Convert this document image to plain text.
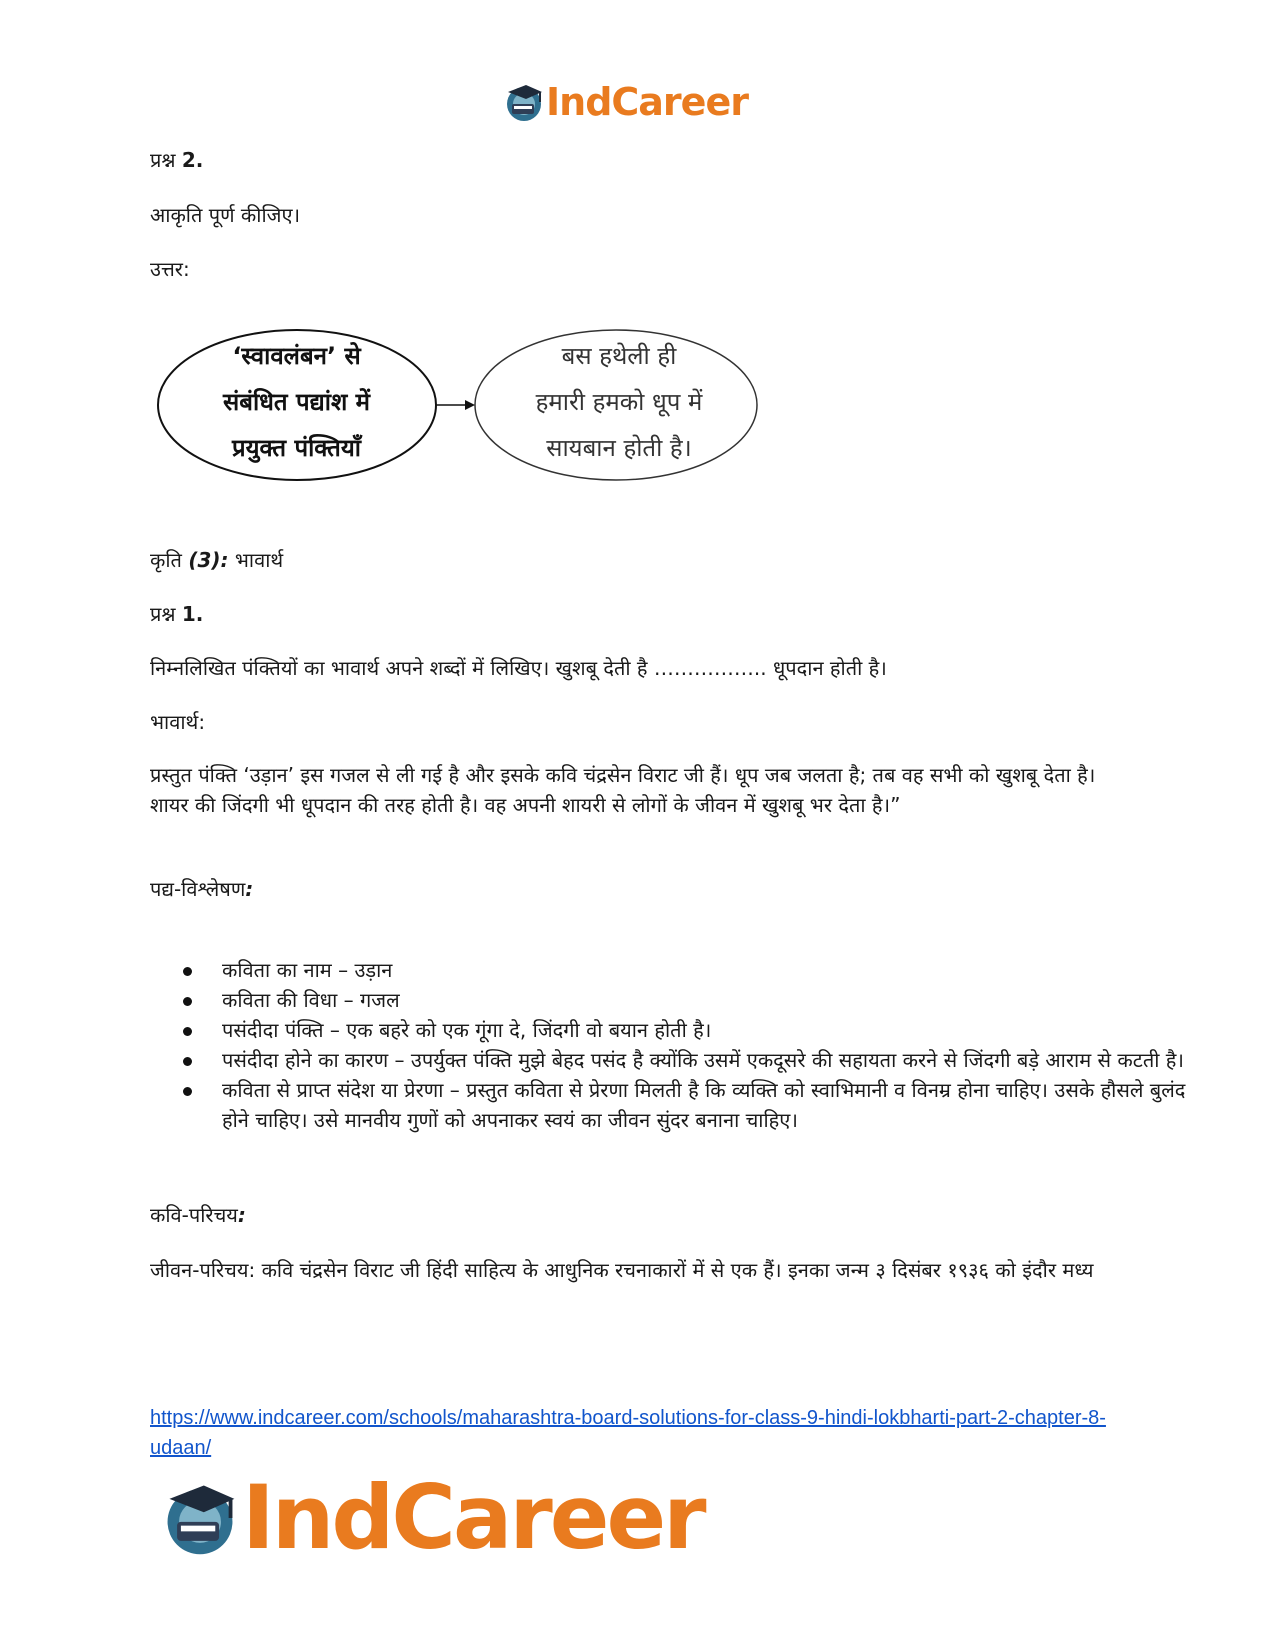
IndCareer

प्रश्न 2.

आकृति पूर्ण कीजिए।

उत्तर:

‘स्वावलंबन’ से
संबंधित पद्यांश में
प्रयुक्त पंक्तियाँ
बस हथेली ही
हमारी हमको धूप में
सायबान होती है।

कृति (3): भावार्थ

प्रश्न 1.

निम्नलिखित पंक्तियों का भावार्थ अपने शब्दों में लिखिए। खुशबू देती है …………….. धूपदान होती है।

भावार्थ:

प्रस्तुत पंक्ति ‘उड़ान’ इस गजल से ली गई है और इसके कवि चंद्रसेन विराट जी हैं। धूप जब जलता है; तब वह सभी को खुशबू देता है। शायर की जिंदगी भी धूपदान की तरह होती है। वह अपनी शायरी से लोगों के जीवन में खुशबू भर देता है।”

पद्य-विश्लेषण:

कविता का नाम – उड़ान
कविता की विधा – गजल
पसंदीदा पंक्ति – एक बहरे को एक गूंगा दे, जिंदगी वो बयान होती है।
पसंदीदा होने का कारण – उपर्युक्त पंक्ति मुझे बेहद पसंद है क्योंकि उसमें एकदूसरे की सहायता करने से जिंदगी बड़े आराम से कटती है।
कविता से प्राप्त संदेश या प्रेरणा – प्रस्तुत कविता से प्रेरणा मिलती है कि व्यक्ति को स्वाभिमानी व विनम्र होना चाहिए। उसके हौसले बुलंद होने चाहिए। उसे मानवीय गुणों को अपनाकर स्वयं का जीवन सुंदर बनाना चाहिए।

कवि-परिचय:

जीवन-परिचय: कवि चंद्रसेन विराट जी हिंदी साहित्य के आधुनिक रचनाकारों में से एक हैं। इनका जन्म ३ दिसंबर १९३६ को इंदौर मध्य

https://www.indcareer.com/schools/maharashtra-board-solutions-for-class-9-hindi-lokbharti-part-2-chapter-8-udaan/
IndCareer
